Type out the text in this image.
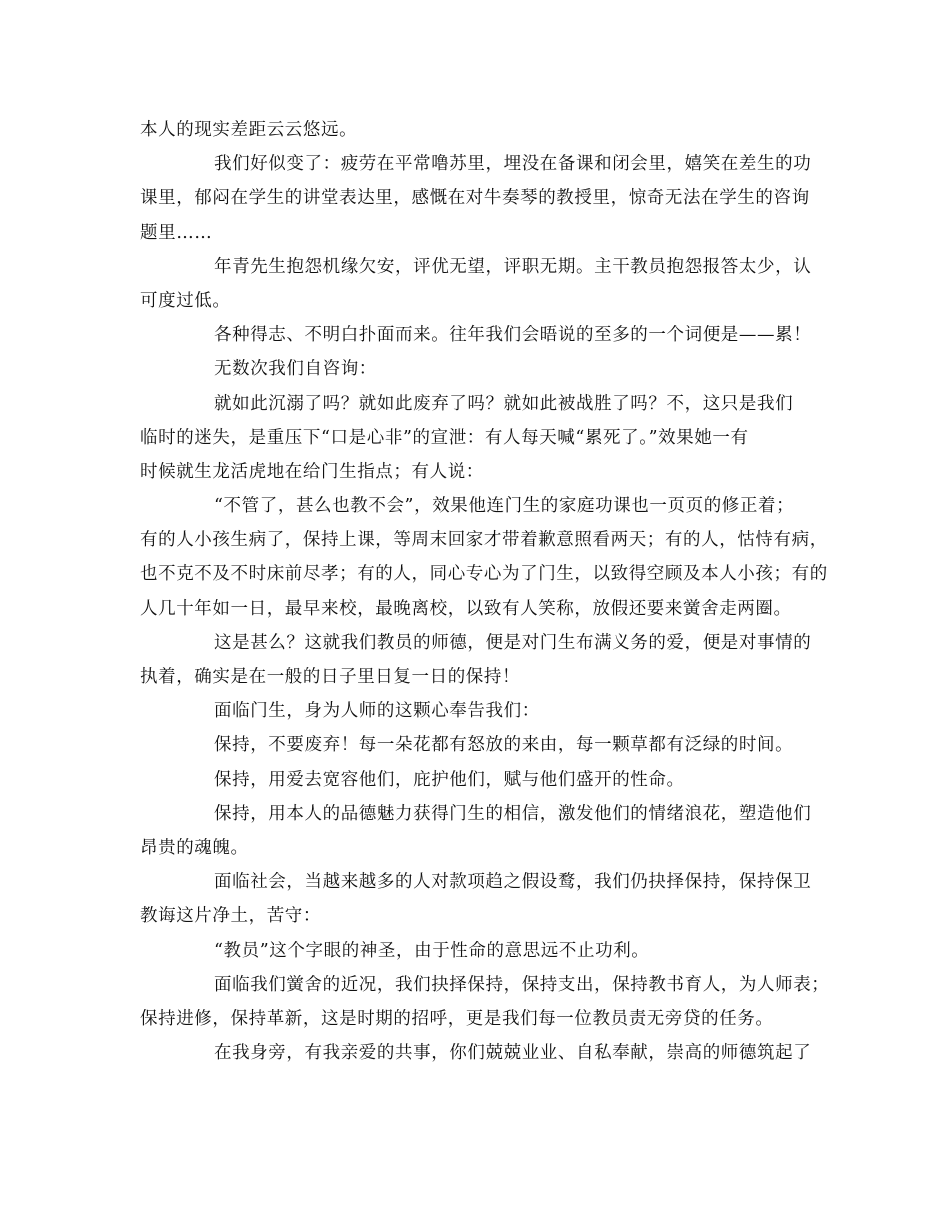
本人的现实差距云云悠远。
我们好似变了：疲劳在平常噜苏里，埋没在备课和闭会里，嬉笑在差生的功
课里，郁闷在学生的讲堂表达里，感慨在对牛奏琴的教授里，惊奇无法在学生的咨询
题里……
年青先生抱怨机缘欠安，评优无望，评职无期。主干教员抱怨报答太少，认
可度过低。
各种得志、不明白扑面而来。往年我们会晤说的至多的一个词便是——累！
无数次我们自咨询：
就如此沉溺了吗？就如此废弃了吗？就如此被战胜了吗？不，这只是我们
临时的迷失，是重压下“口是心非”的宣泄：有人每天喊“累死了。”效果她一有
时候就生龙活虎地在给门生指点；有人说：
“不管了，甚么也教不会”，效果他连门生的家庭功课也一页页的修正着；
有的人小孩生病了，保持上课，等周末回家才带着歉意照看两天；有的人，怙恃有病，
也不克不及不时床前尽孝；有的人，同心专心为了门生，以致得空顾及本人小孩；有的
人几十年如一日，最早来校，最晚离校，以致有人笑称，放假还要来黉舍走两圈。
这是甚么？这就我们教员的师德，便是对门生布满义务的爱，便是对事情的
执着，确实是在一般的日子里日复一日的保持！
面临门生，身为人师的这颗心奉告我们：
保持，不要废弃！每一朵花都有怒放的来由，每一颗草都有泛绿的时间。
保持，用爱去宽容他们，庇护他们，赋与他们盛开的性命。
保持，用本人的品德魅力获得门生的相信，激发他们的情绪浪花，塑造他们
昂贵的魂魄。
面临社会，当越来越多的人对款项趋之假设鹜，我们仍抉择保持，保持保卫
教诲这片净土，苦守：
“教员”这个字眼的神圣，由于性命的意思远不止功利。
面临我们黉舍的近况，我们抉择保持，保持支出，保持教书育人，为人师表；
保持进修，保持革新，这是时期的招呼，更是我们每一位教员责无旁贷的任务。
在我身旁，有我亲爱的共事，你们兢兢业业、自私奉献，崇高的师德筑起了
